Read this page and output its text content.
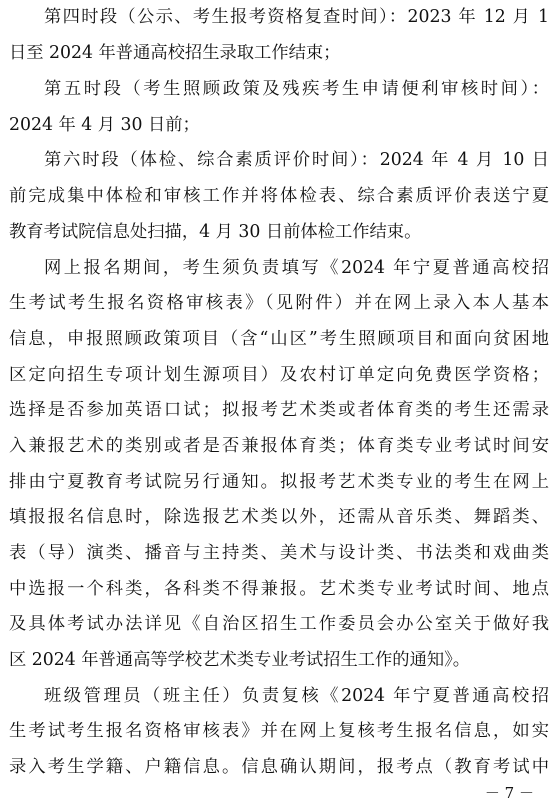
第四时段（公示、考生报考资格复查时间）：2023 年 12 月 1
日至 2024 年普通高校招生录取工作结束；
第五时段（考生照顾政策及残疾考生申请便利审核时间）：
2024 年 4 月 30 日前；
第六时段（体检、综合素质评价时间）：2024 年 4 月 10 日
前完成集中体检和审核工作并将体检表、综合素质评价表送宁夏
教育考试院信息处扫描，4 月 30 日前体检工作结束。
网上报名期间，考生须负责填写《2024 年宁夏普通高校招
生考试考生报名资格审核表》（见附件）并在网上录入本人基本
信息，申报照顾政策项目（含“山区”考生照顾项目和面向贫困地
区定向招生专项计划生源项目）及农村订单定向免费医学资格；
选择是否参加英语口试；拟报考艺术类或者体育类的考生还需录
入兼报艺术的类别或者是否兼报体育类；体育类专业考试时间安
排由宁夏教育考试院另行通知。拟报考艺术类专业的考生在网上
填报报名信息时，除选报艺术类以外，还需从音乐类、舞蹈类、
表（导）演类、播音与主持类、美术与设计类、书法类和戏曲类
中选报一个科类，各科类不得兼报。艺术类专业考试时间、地点
及具体考试办法详见《自治区招生工作委员会办公室关于做好我
区 2024 年普通高等学校艺术类专业考试招生工作的通知》。
班级管理员（班主任）负责复核《2024 年宁夏普通高校招
生考试考生报名资格审核表》并在网上复核考生报名信息，如实
录入考生学籍、户籍信息。信息确认期间，报考点（教育考试中
－ 7 －
